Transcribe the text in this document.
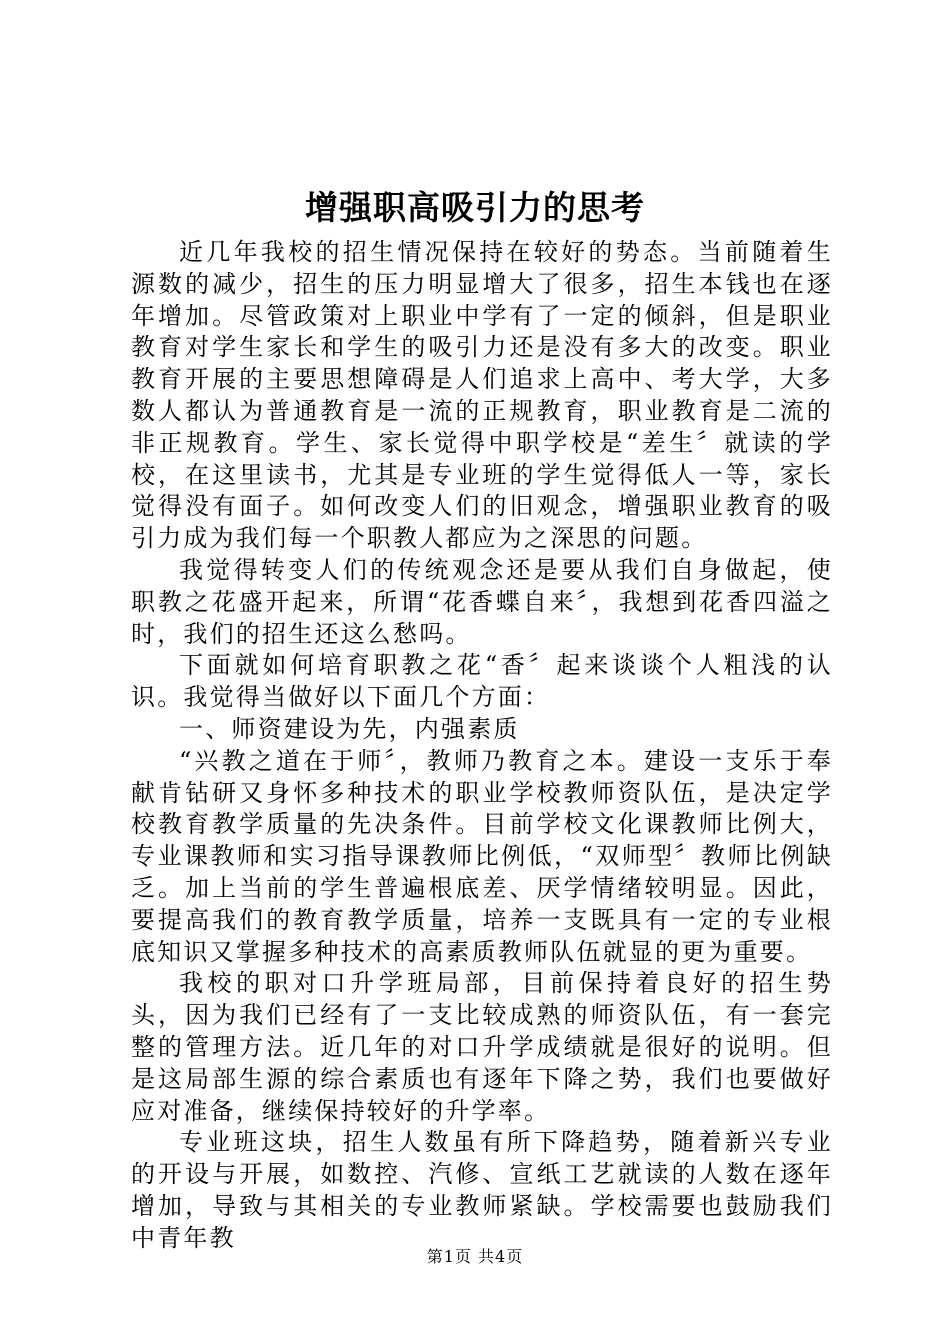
增强职高吸引力的思考

近几年我校的招生情况保持在较好的势态。当前随着生源数的减少，招生的压力明显增大了很多，招生本钱也在逐年增加。尽管政策对上职业中学有了一定的倾斜，但是职业教育对学生家长和学生的吸引力还是没有多大的改变。职业教育开展的主要思想障碍是人们追求上高中、考大学，大多数人都认为普通教育是一流的正规教育，职业教育是二流的非正规教育。学生、家长觉得中职学校是“差生〞就读的学校，在这里读书，尤其是专业班的学生觉得低人一等，家长觉得没有面子。如何改变人们的旧观念，增强职业教育的吸引力成为我们每一个职教人都应为之深思的问题。

我觉得转变人们的传统观念还是要从我们自身做起，使职教之花盛开起来，所谓“花香蝶自来〞，我想到花香四溢之时，我们的招生还这么愁吗。

下面就如何培育职教之花“香〞起来谈谈个人粗浅的认识。我觉得当做好以下面几个方面：

一、师资建设为先，内强素质

“兴教之道在于师〞，教师乃教育之本。建设一支乐于奉献肯钻研又身怀多种技术的职业学校教师资队伍，是决定学校教育教学质量的先决条件。目前学校文化课教师比例大，专业课教师和实习指导课教师比例低，“双师型〞教师比例缺乏。加上当前的学生普遍根底差、厌学情绪较明显。因此，要提高我们的教育教学质量，培养一支既具有一定的专业根底知识又掌握多种技术的高素质教师队伍就显的更为重要。

我校的职对口升学班局部，目前保持着良好的招生势头，因为我们已经有了一支比较成熟的师资队伍，有一套完整的管理方法。近几年的对口升学成绩就是很好的说明。但是这局部生源的综合素质也有逐年下降之势，我们也要做好应对准备，继续保持较好的升学率。

专业班这块，招生人数虽有所下降趋势，随着新兴专业的开设与开展，如数控、汽修、宣纸工艺就读的人数在逐年增加，导致与其相关的专业教师紧缺。学校需要也鼓励我们中青年教

第1页 共4页
